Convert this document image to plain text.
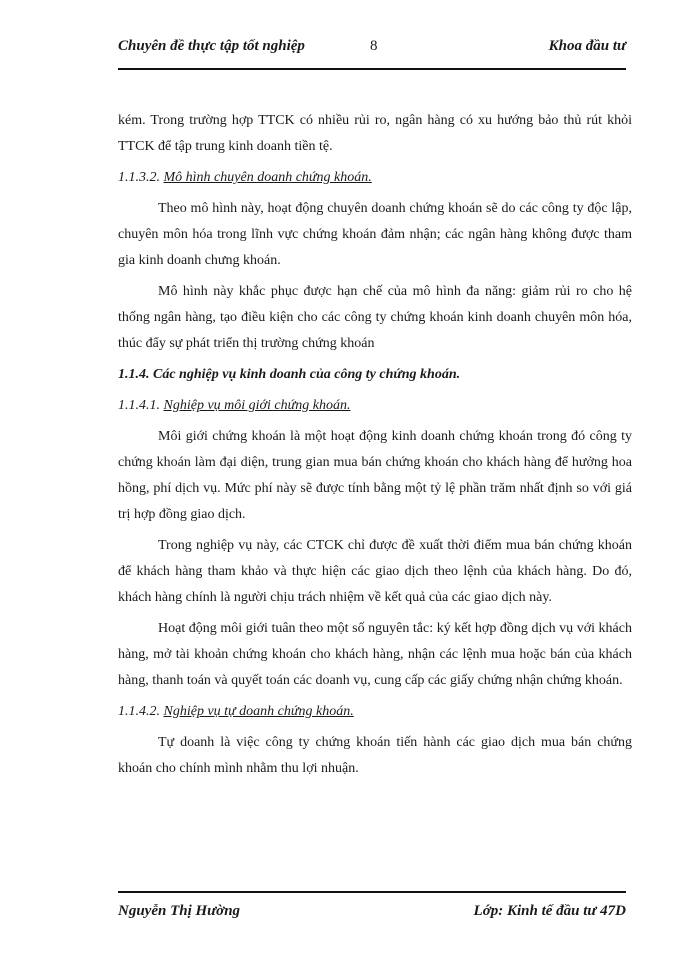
Chuyên đề thực tập tốt nghiệp	8	Khoa đầu tư

kém. Trong trường hợp TTCK có nhiều rủi ro, ngân hàng có xu hướng bảo thủ rút khỏi TTCK để tập trung kinh doanh tiền tệ.

1.1.3.2. Mô hình chuyên doanh chứng khoán.

Theo mô hình này, hoạt động chuyên doanh chứng khoán sẽ do các công ty độc lập, chuyên môn hóa trong lĩnh vực chứng khoán đảm nhận; các ngân hàng không được tham gia kinh doanh chưng khoán.

Mô hình này khắc phục được hạn chế của mô hình đa năng: giảm rủi ro cho hệ thống ngân hàng, tạo điều kiện cho các công ty chứng khoán kinh doanh chuyên môn hóa, thúc đẩy sự phát triển thị trường chứng khoán

1.1.4. Các nghiệp vụ kinh doanh của công ty chứng khoán.

1.1.4.1. Nghiệp vụ môi giới chứng khoán.

Môi giới chứng khoán là một hoạt động kinh doanh chứng khoán trong đó công ty chứng khoán làm đại diện, trung gian mua bán chứng khoán cho khách hàng để hưởng hoa hồng, phí dịch vụ. Mức phí này sẽ được tính bằng một tỷ lệ phần trăm nhất định so với giá trị hợp đồng giao dịch.

Trong nghiệp vụ này, các CTCK chỉ được đề xuất thời điểm mua bán chứng khoán để khách hàng tham khảo và thực hiện các giao dịch theo lệnh của khách hàng. Do đó, khách hàng chính là người chịu trách nhiệm về kết quả của các giao dịch này.

Hoạt động môi giới tuân theo một số nguyên tắc: ký kết hợp đồng dịch vụ với khách hàng, mở tài khoản chứng khoán cho khách hàng, nhận các lệnh mua hoặc bán của khách hàng, thanh toán và quyết toán các doanh vụ, cung cấp các giấy chứng nhận chứng khoán.

1.1.4.2. Nghiệp vụ tự doanh chứng khoán.

Tự doanh là việc công ty chứng khoán tiến hành các giao dịch mua bán chứng khoán cho chính mình nhằm thu lợi nhuận.

Nguyễn Thị Hường	Lớp: Kinh tế đầu tư 47D
